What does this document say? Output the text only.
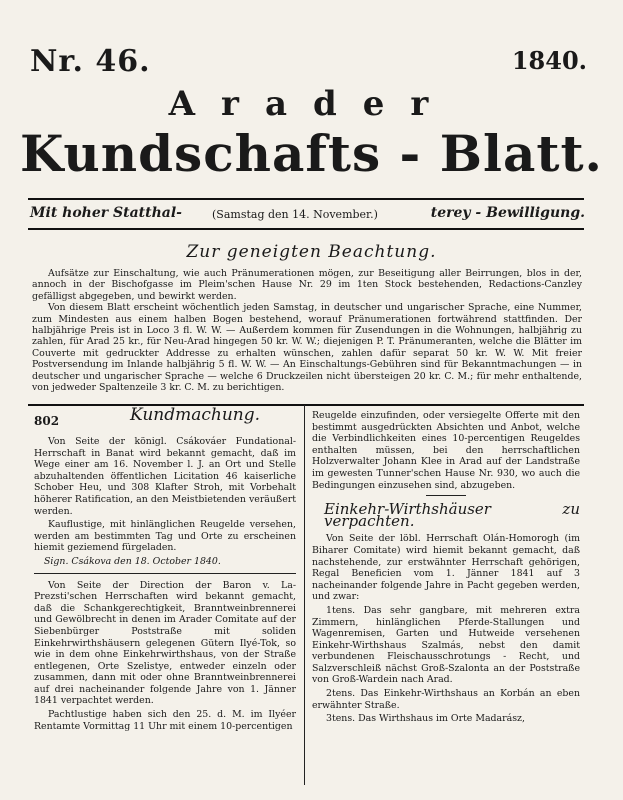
Nr. 46.	1840.
Arader
Kundschafts - Blatt.
Mit hoher Statthal-	(Samstag den 14. November.)	terey - Bewilligung.
Zur geneigten Beachtung.

Aufsätze zur Einschaltung, wie auch Pränumerationen mögen, zur Beseitigung aller Beirrungen, blos in der, annoch in der Bischofgasse im Pleim'schen Hause Nr. 29 im 1ten Stock bestehenden, Redactions-Canzley gefälligst abgegeben, und bewirkt werden.

Von diesem Blatt erscheint wöchentlich jeden Samstag, in deutscher und ungarischer Sprache, eine Nummer, zum Mindesten aus einem halben Bogen bestehend, worauf Pränumerationen fortwährend stattfinden. Der halbjährige Preis ist in Loco 3 fl. W. W. — Außerdem kommen für Zusendungen in die Wohnungen, halbjährig zu zahlen, für Arad 25 kr., für Neu-Arad hingegen 50 kr. W. W.; diejenigen P. T. Pränumeranten, welche die Blätter im Couverte mit gedruckter Addresse zu erhalten wünschen, zahlen dafür separat 50 kr. W. W. Mit freier Postversendung im Inlande halbjährig 5 fl. W. W. — An Einschaltungs-Gebühren sind für Bekanntmachungen — in deutscher und ungarischer Sprache — welche 6 Druckzeilen nicht übersteigen 20 kr. C. M.; für mehr enthaltende, von jedweder Spaltenzeile 3 kr. C. M. zu berichtigen.

802	Kundmachung.

Von Seite der königl. Csákováer Fundational-Herrschaft in Banat wird bekannt gemacht, daß im Wege einer am 16. November l. J. an Ort und Stelle abzuhaltenden öffentlichen Licitation 46 kaiserliche Schober Heu, und 308 Klafter Stroh, mit Vorbehalt höherer Ratification, an den Meistbietenden veräußert werden.

Kauflustige, mit hinlänglichen Reugelde versehen, werden am bestimmten Tag und Orte zu erscheinen hiemit geziemend fürgeladen.

Sign. Csákova den 18. October 1840.

Von Seite der Direction der Baron v. La-Prezsti'schen Herrschaften wird bekannt gemacht, daß die Schankgerechtigkeit, Branntweinbrennerei und Gewölbrecht in denen im Arader Comitate auf der Siebenbürger Poststraße mit soliden Einkehrwirthshäusern gelegenen Gütern Ilyé-Tok, so wie in dem ohne Einkehrwirthshaus, von der Straße entlegenen, Orte Szelistye, entweder einzeln oder zusammen, dann mit oder ohne Branntweinbrennerei auf drei nacheinander folgende Jahre von 1. Jänner 1841 verpachtet werden.

Pachtlustige haben sich den 25. d. M. im Ilyéer Rentamte Vormittag 11 Uhr mit einem 10-percentigen

Reugelde einzufinden, oder versiegelte Offerte mit den bestimmt ausgedrückten Absichten und Anbot, welche die Verbindlichkeiten eines 10-percentigen Reugeldes enthalten müssen, bei den herrschaftlichen Holzverwalter Johann Klee in Arad auf der Landstraße im gewesten Tunner'schen Hause Nr. 930, wo auch die Bedingungen einzusehen sind, abzugeben.

Einkehr-Wirthshäuser zu verpachten.

Von Seite der löbl. Herrschaft Olán-Homorogh (im Biharer Comitate) wird hiemit bekannt gemacht, daß nachstehende, zur erstwähnter Herrschaft gehörigen, Regal Beneficien vom 1. Jänner 1841 auf 3 nacheinander folgende Jahre in Pacht gegeben werden, und zwar:

1tens. Das sehr gangbare, mit mehreren extra Zimmern, hinlänglichen Pferde-Stallungen und Wagenremisen, Garten und Hutweide versehenen Einkehr-Wirthshaus Szalmás, nebst den damit verbundenen Fleischausschrotungs - Recht, und Salzverschleiß nächst Groß-Szalonta an der Poststraße von Groß-Wardein nach Arad.

2tens. Das Einkehr-Wirthshaus an Korbán an eben erwähnter Straße.

3tens. Das Wirthshaus im Orte Madarász,
